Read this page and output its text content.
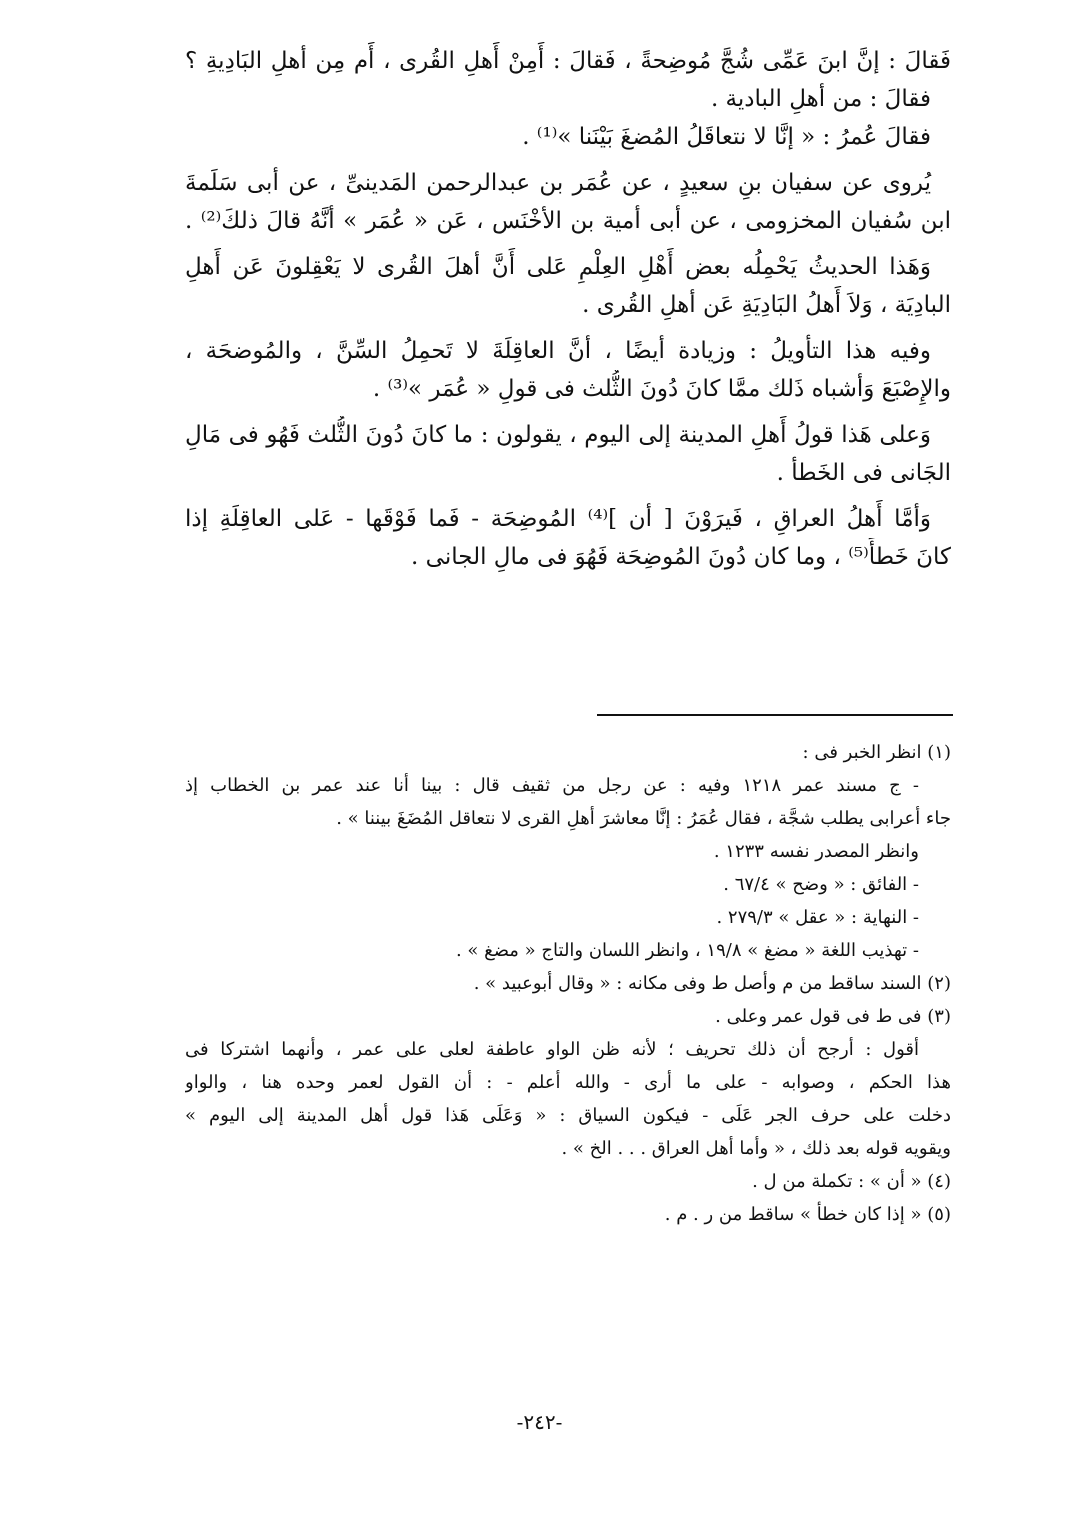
فَقالَ : إنَّ ابنَ عَمِّى شُجَّ مُوضِحةً ، فَقالَ : أَمِنْ أَهلِ القُرى ، أَم مِن أهلِ البَادِيةِ ؟
فقالَ : من أهلِ البادية .
فقالَ عُمرُ : « إنَّا لا نتعاقَلُ المُضغَ بَيْنَنا »⁽¹⁾ .
يُروى عن سفيان بنِ سعيدٍ ، عن عُمَر بن عبدالرحمن المَدينىِّ ، عن أبى سَلَمةَ
ابن سُفيان المخزومى ، عن أبى أمية بن الأخْنَس ، عَن « عُمَر » أنَّهُ قالَ ذلكَ⁽²⁾ .
وَهَذا الحديثُ يَحْمِلُه بعض أَهْلِ العِلْمِ عَلى أَنَّ أهلَ القُرى لا يَعْقِلونَ عَن أَهلِ
البادِيَة ، وَلاَ أَهلُ البَادِيَةِ عَن أهلِ القُرى .
وفيه هذا التأويلُ : وزيادة أيضًا ، أنَّ العاقِلَةَ لا تَحمِلُ السِّنَّ ، والمُوضحَة ،
والإِصْبَعَ وَأشباه ذَلك ممَّا كانَ دُونَ الثُّلث فى قولِ « عُمَر »⁽³⁾ .
وَعلى هَذا قولُ أَهلِ المدينة إلى اليوم ، يقولون : ما كانَ دُونَ الثُّلث فَهُو فى مَالِ
الجَانى فى الخَطأ .
وَأمَّا أَهلُ العراقِ ، فَيرَوْنَ [ أن ]⁽⁴⁾ المُوضِحَة - فَما فَوْقَها - عَلى العاقِلَةِ إذا
كانَ خَطأً⁽⁵⁾ ، وما كان دُونَ المُوضِحَة فَهُوَ فى مالِ الجانى .
(١) انظر الخبر فى :
- ج مسند عمر ١٢١٨ وفيه : عن رجل من ثقيف قال : بينا أنا عند عمر بن الخطاب إذ
جاء أعرابى يطلب شجَّة ، فقال عُمَرُ : إنَّا معاشرَ أهلِ القرى لا نتعاقل المُضَغَ بيننا » .
وانظر المصدر نفسه ١٢٣٣ .
- الفائق : « وضح » ٦٧/٤ .
- النهاية : « عقل » ٢٧٩/٣ .
- تهذيب اللغة « مضغ » ١٩/٨ ، وانظر اللسان والتاج « مضغ » .
(٢) السند ساقط من م وأصل ط وفى مكانه : « وقال أبوعبيد » .
(٣) فى ط فى قول عمر وعلى .
أقول : أرجح أن ذلك تحريف ؛ لأنه ظن الواو عاطفة لعلى على عمر ، وأنهما اشتركا فى
هذا الحكم ، وصوابه - على ما أرى - والله أعلم - : أن القول لعمر وحده هنا ، والواو
دخلت على حرف الجر عَلَى - فيكون السياق : « وَعَلَى هَذا قول أهل المدينة إلى اليوم »
ويقويه قوله بعد ذلك ، « وأما أهل العراق . . . الخ » .
(٤) « أن » : تكملة من ل .
(٥) « إذا كان خطأ » ساقط من ر . م .
-٢٤٢-
